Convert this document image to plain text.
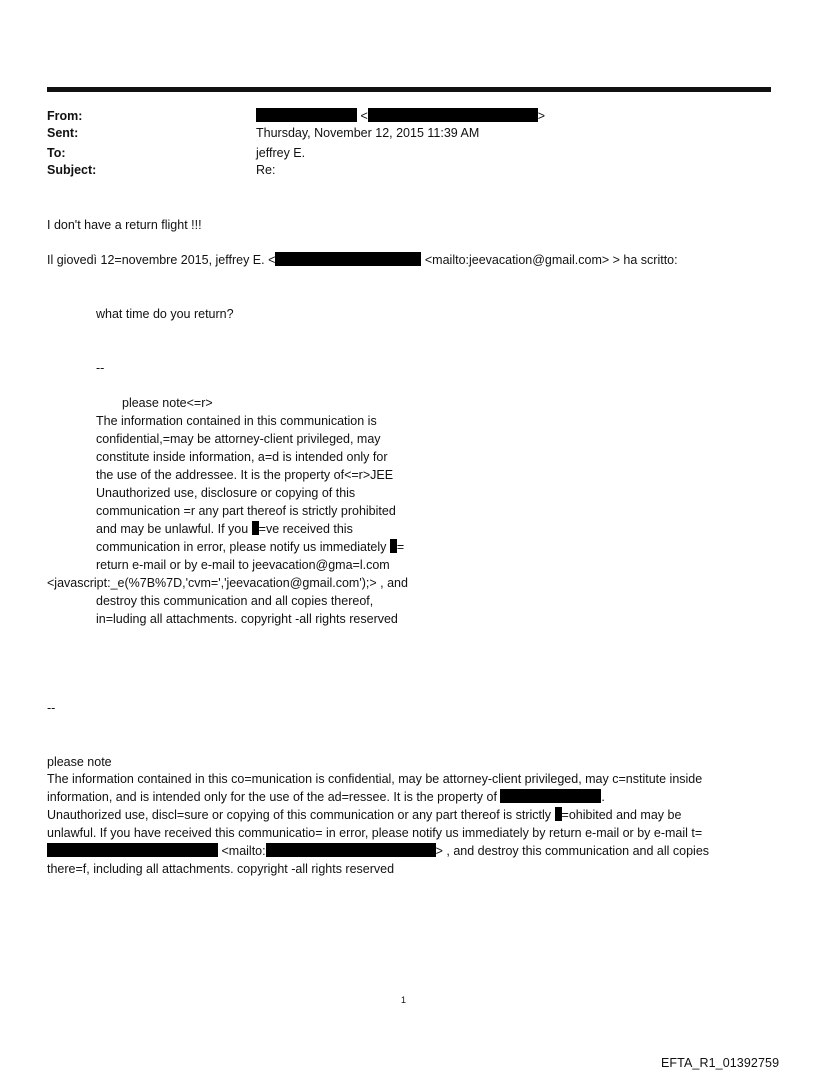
From:	<	>
Sent:	Thursday, November 12, 2015 11:39 AM
To:	jeffrey E.
Subject:	Re:
I don't have a return flight !!!
Il giovedì 12=novembre 2015, jeffrey E. <	<mailto:jeevacation@gmail.com> > ha scritto:
what time do you return?
--
please note<=r>
The information contained in this communication is
confidential,=may be attorney-client privileged, may
constitute inside information, a=d is intended only for
the use of the addressee. It is the property of<=r>JEE
Unauthorized use, disclosure or copying of this
communication =r any part thereof is strictly prohibited
and may be unlawful. If you =ve received this
communication in error, please notify us immediately =
return e-mail or by e-mail to jeevacation@gma=l.com
<javascript:_e(%7B%7D,'cvm=','jeevacation@gmail.com');> , and
destroy this communication and all copies thereof,
in=luding all attachments. copyright -all rights reserved
--
please note
The information contained in this co=munication is confidential, may be attorney-client privileged, may c=nstitute inside
information, and is intended only for the use of the ad=ressee. It is the property of	.
Unauthorized use, discl=sure or copying of this communication or any part thereof is strictly =ohibited and may be
unlawful. If you have received this communicatio= in error, please notify us immediately by return e-mail or by e-mail t=
<mailto:	> , and destroy this communication and all copies
there=f, including all attachments. copyright -all rights reserved
1
EFTA_R1_01392759
